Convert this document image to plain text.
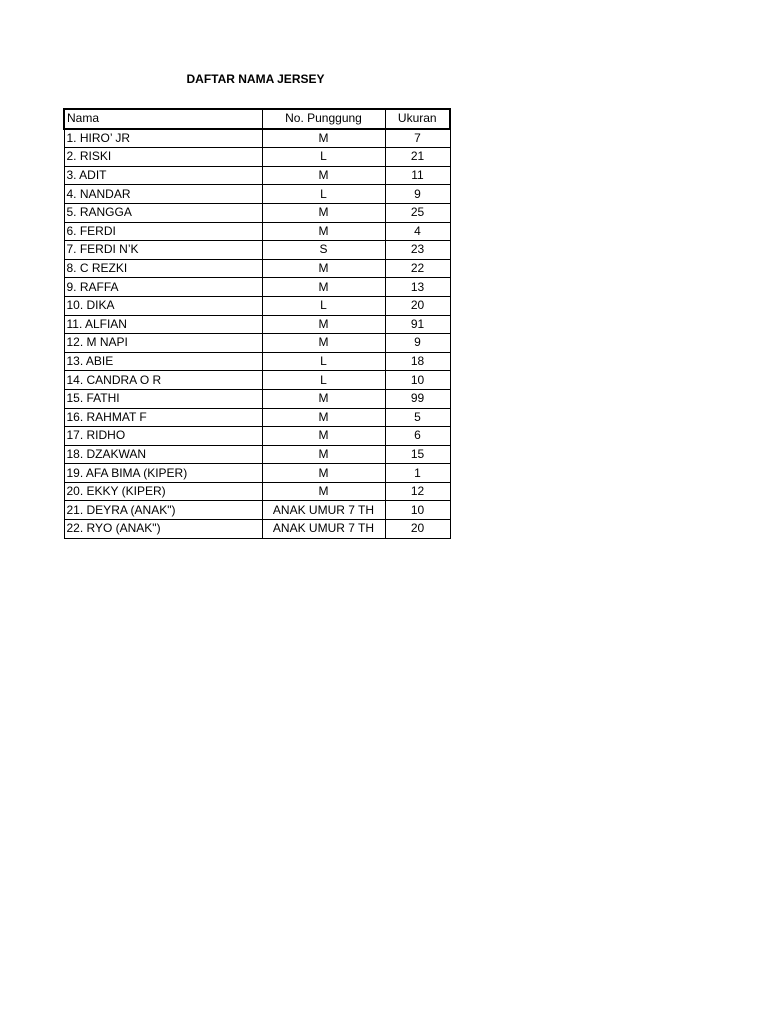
DAFTAR NAMA JERSEY
Nama	No. Punggung	Ukuran
1. HIRO’ JR	M	7
2. RISKI	L	21
3. ADIT	M	11
4. NANDAR	L	9
5. RANGGA	M	25
6. FERDI	M	4
7. FERDI N’K	S	23
8. C REZKI	M	22
9. RAFFA	M	13
10. DIKA	L	20
11. ALFIAN	M	91
12. M NAPI	M	9
13. ABIE	L	18
14. CANDRA O R	L	10
15. FATHI	M	99
16. RAHMAT F	M	5
17. RIDHO	M	6
18. DZAKWAN	M	15
19. AFA BIMA (KIPER)	M	1
20. EKKY (KIPER)	M	12
21. DEYRA (ANAK")	ANAK UMUR 7 TH	10
22. RYO (ANAK")	ANAK UMUR 7 TH	20
